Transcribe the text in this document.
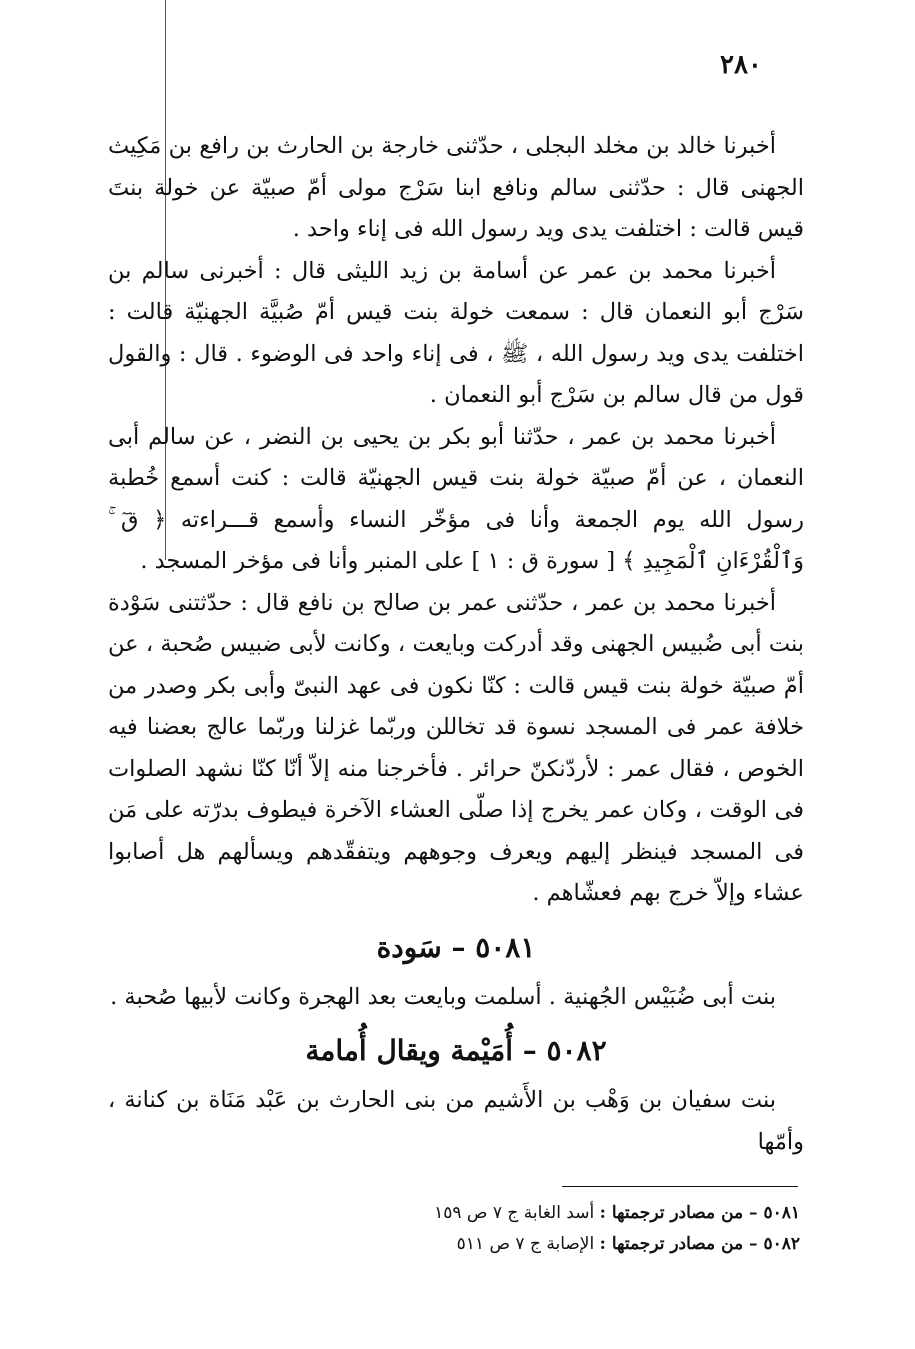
٢٨٠

أخبرنا خالد بن مخلد البجلى ، حدّثنى خارجة بن الحارث بن رافع بن مَكِيث الجهنى قال : حدّثنى سالم ونافع ابنا سَرْج مولى أمّ صبيّة عن خولة بنتَ قيس قالت : اختلفت يدى ويد رسول الله فى إناء واحد .

أخبرنا محمد بن عمر عن أسامة بن زيد الليثى قال : أخبرنى سالم بن سَرْج أبو النعمان قال : سمعت خولة بنت قيس أمّ صُبيَّة الجهنيّة قالت : اختلفت يدى ويد رسول الله ، ﷺ ، فى إناء واحد فى الوضوء . قال : والقول قول من قال سالم بن سَرْج أبو النعمان .

أخبرنا محمد بن عمر ، حدّثنا أبو بكر بن يحيى بن النضر ، عن سالم أبى النعمان ، عن أمّ صبيّة خولة بنت قيس الجهنيّة قالت : كنت أسمع خُطبة رسول الله يوم الجمعة وأنا فى مؤخّر النساء وأسمع قـــراءته ﴿ قٓ ۚ وَٱلْقُرْءَانِ ٱلْمَجِيدِ ﴾ [ سورة ق : ١ ] على المنبر وأنا فى مؤخر المسجد .

أخبرنا محمد بن عمر ، حدّثنى عمر بن صالح بن نافع قال : حدّثتنى سَوْدة بنت أبى ضُبيس الجهنى وقد أدركت وبايعت ، وكانت لأبى ضبيس صُحبة ، عن أمّ صبيّة خولة بنت قيس قالت : كنّا نكون فى عهد النبىّ وأبى بكر وصدر من خلافة عمر فى المسجد نسوة قد تخاللن وربّما غزلنا وربّما عالج بعضنا فيه الخوص ، فقال عمر : لأردّنكنّ حرائر . فأخرجنا منه إلاّ أنّا كنّا نشهد الصلوات فى الوقت ، وكان عمر يخرج إذا صلّى العشاء الآخرة فيطوف بدرّته على مَن فى المسجد فينظر إليهم ويعرف وجوههم ويتفقّدهم ويسألهم هل أصابوا عشاء وإلاّ خرج بهم فعشّاهم .

٥٠٨١ – سَودة

بنت أبى ضُبَيْس الجُهنية . أسلمت وبايعت بعد الهجرة وكانت لأبيها صُحبة .

٥٠٨٢ – أُمَيْمة ويقال أُمامة

بنت سفيان بن وَهْب بن الأَشيم من بنى الحارث بن عَبْد مَنَاة بن كنانة ، وأمّها

٥٠٨١ – من مصادر ترجمتها : أسد الغابة ج ٧ ص ١٥٩

٥٠٨٢ – من مصادر ترجمتها : الإصابة ج ٧ ص ٥١١
